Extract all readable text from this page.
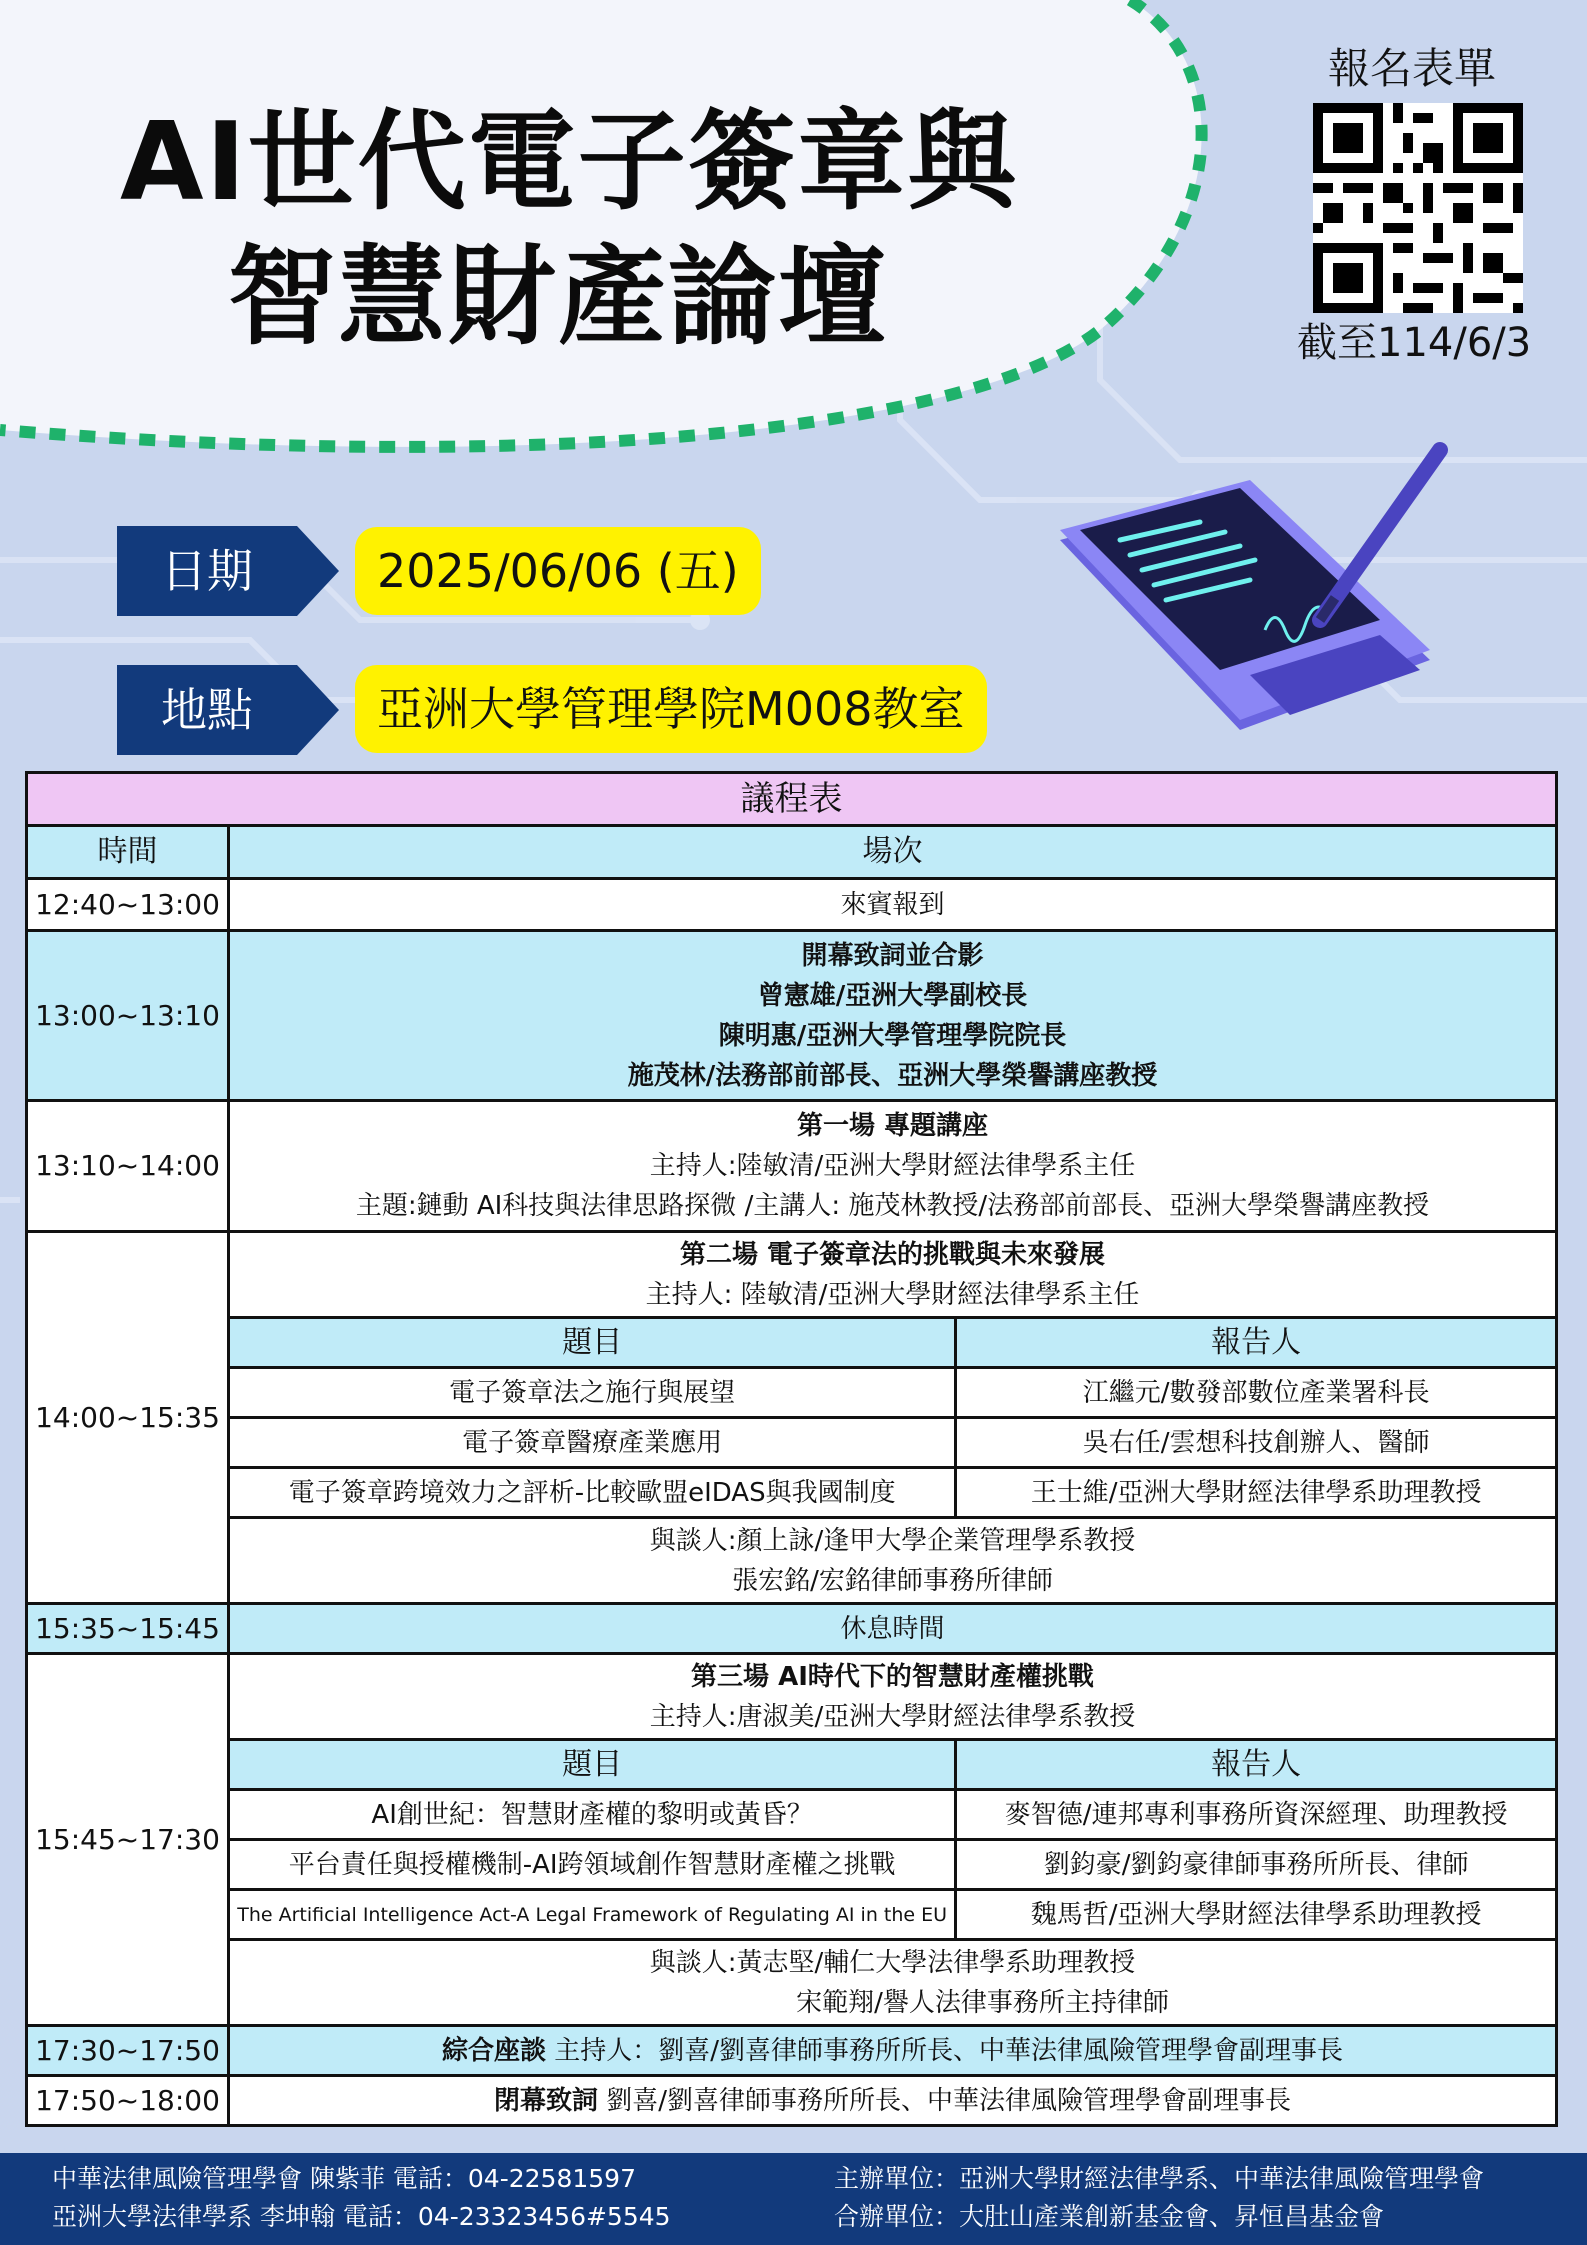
AI世代電子簽章與
智慧財產論壇
報名表單
截至114/6/3
日期	2025/06/06 (五)
地點	亞洲大學管理學院M008教室
議程表		
時間	場次	
12:40~13:00	來賓報到	
13:00~13:10	開幕致詞並合影
曾憲雄/亞洲大學副校長
陳明惠/亞洲大學管理學院院長
施茂林/法務部前部長、亞洲大學榮譽講座教授	

13:10~14:00	第一場 專題講座
主持人:陸敏清/亞洲大學財經法律學系主任
主題:鏈動 AI科技與法律思路探微 /主講人: 施茂林教授/法務部前部長、亞洲大學榮譽講座教授	

14:00~15:35	第二場 電子簽章法的挑戰與未來發展
主持人: 陸敏清/亞洲大學財經法律學系主任	

	題目	報告人
	電子簽章法之施行與展望	江繼元/數發部數位產業署科長
	電子簽章醫療產業應用	吳右任/雲想科技創辦人、醫師
	電子簽章跨境效力之評析-比較歐盟eIDAS與我國制度	王士維/亞洲大學財經法律學系助理教授

	與談人:顏上詠/逢甲大學企業管理學系教授
張宏銘/宏銘律師事務所律師	

15:35~15:45	休息時間	
15:45~17:30	第三場 AI時代下的智慧財產權挑戰
主持人:唐淑美/亞洲大學財經法律學系教授	

	題目	報告人
	AI創世紀：智慧財產權的黎明或黃昏？	麥智德/連邦專利事務所資深經理、助理教授
	平台責任與授權機制-AI跨領域創作智慧財產權之挑戰	劉鈞豪/劉鈞豪律師事務所所長、律師
	The Artificial Intelligence Act-A Legal Framework of Regulating AI in the EU	魏馬哲/亞洲大學財經法律學系助理教授

	與談人:黃志堅/輔仁大學法律學系助理教授
宋範翔/譽人法律事務所主持律師	

17:30~17:50	綜合座談 主持人：劉喜/劉喜律師事務所所長、中華法律風險管理學會副理事長	
17:50~18:00	閉幕致詞 劉喜/劉喜律師事務所所長、中華法律風險管理學會副理事長	
中華法律風險管理學會 陳紫菲 電話：04-22581597
亞洲大學法律學系 李坤翰 電話：04-23323456#5545
主辦單位：亞洲大學財經法律學系、中華法律風險管理學會
合辦單位：大肚山產業創新基金會、昇恒昌基金會
